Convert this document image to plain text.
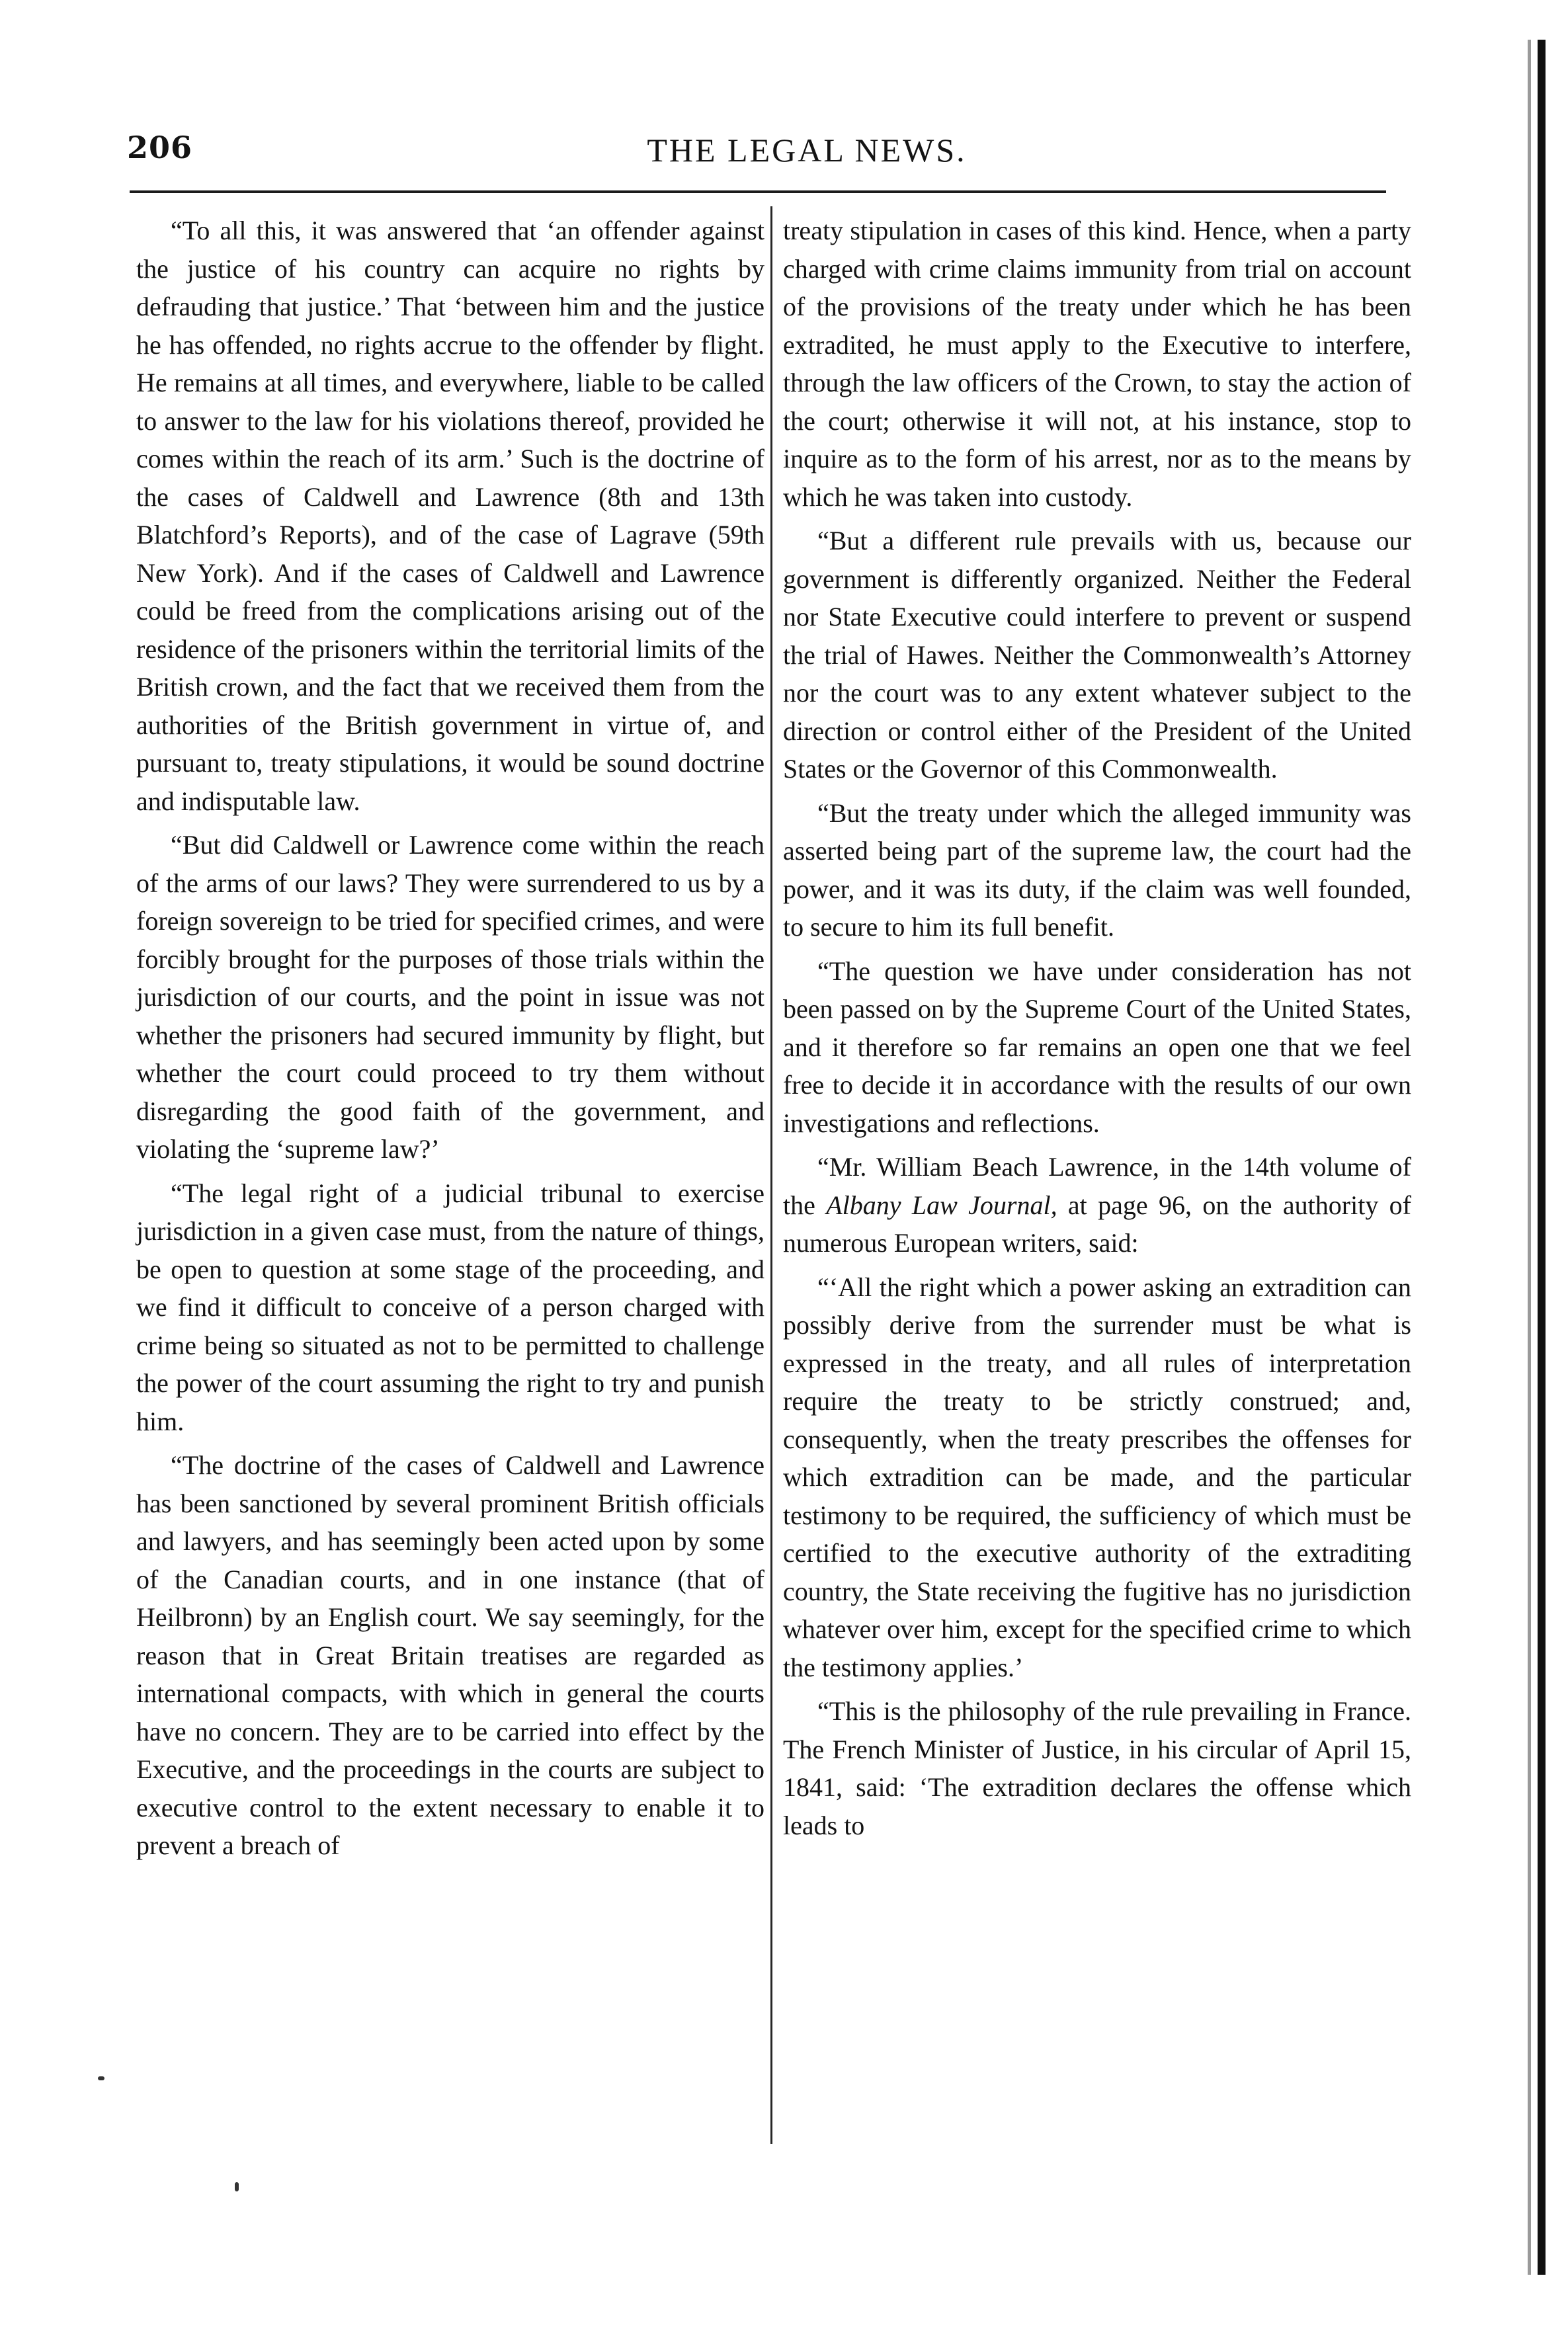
206	THE LEGAL NEWS.

“To all this, it was answered that ‘an offender against the justice of his country can acquire no rights by defrauding that justice.’ That ‘between him and the justice he has offended, no rights accrue to the offender by flight. He remains at all times, and everywhere, liable to be called to answer to the law for his violations thereof, provided he comes within the reach of its arm.’ Such is the doctrine of the cases of Caldwell and Lawrence (8th and 13th Blatchford’s Reports), and of the case of Lagrave (59th New York). And if the cases of Caldwell and Lawrence could be freed from the complications arising out of the residence of the prisoners within the territorial limits of the British crown, and the fact that we received them from the authorities of the British government in virtue of, and pursuant to, treaty stipulations, it would be sound doctrine and indisputable law.

“But did Caldwell or Lawrence come within the reach of the arms of our laws? They were surrendered to us by a foreign sovereign to be tried for specified crimes, and were forcibly brought for the purposes of those trials within the jurisdiction of our courts, and the point in issue was not whether the prisoners had secured immunity by flight, but whether the court could proceed to try them without disregarding the good faith of the government, and violating the ‘supreme law?’

“The legal right of a judicial tribunal to exercise jurisdiction in a given case must, from the nature of things, be open to question at some stage of the proceeding, and we find it difficult to conceive of a person charged with crime being so situated as not to be permitted to challenge the power of the court assuming the right to try and punish him.

“The doctrine of the cases of Caldwell and Lawrence has been sanctioned by several prominent British officials and lawyers, and has seemingly been acted upon by some of the Canadian courts, and in one instance (that of Heilbronn) by an English court. We say seemingly, for the reason that in Great Britain treatises are regarded as international compacts, with which in general the courts have no concern. They are to be carried into effect by the Executive, and the proceedings in the courts are subject to executive control to the extent necessary to enable it to prevent a breach of

treaty stipulation in cases of this kind. Hence, when a party charged with crime claims immunity from trial on account of the provisions of the treaty under which he has been extradited, he must apply to the Executive to interfere, through the law officers of the Crown, to stay the action of the court; otherwise it will not, at his instance, stop to inquire as to the form of his arrest, nor as to the means by which he was taken into custody.

“But a different rule prevails with us, because our government is differently organized. Neither the Federal nor State Executive could interfere to prevent or suspend the trial of Hawes. Neither the Commonwealth’s Attorney nor the court was to any extent whatever subject to the direction or control either of the President of the United States or the Governor of this Commonwealth.

“But the treaty under which the alleged immunity was asserted being part of the supreme law, the court had the power, and it was its duty, if the claim was well founded, to secure to him its full benefit.

“The question we have under consideration has not been passed on by the Supreme Court of the United States, and it therefore so far remains an open one that we feel free to decide it in accordance with the results of our own investigations and reflections.

“Mr. William Beach Lawrence, in the 14th volume of the Albany Law Journal, at page 96, on the authority of numerous European writers, said:

“‘All the right which a power asking an extradition can possibly derive from the surrender must be what is expressed in the treaty, and all rules of interpretation require the treaty to be strictly construed; and, consequently, when the treaty prescribes the offenses for which extradition can be made, and the particular testimony to be required, the sufficiency of which must be certified to the executive authority of the extraditing country, the State receiving the fugitive has no jurisdiction whatever over him, except for the specified crime to which the testimony applies.’

“This is the philosophy of the rule prevailing in France. The French Minister of Justice, in his circular of April 15, 1841, said: ‘The extradition declares the offense which leads to
